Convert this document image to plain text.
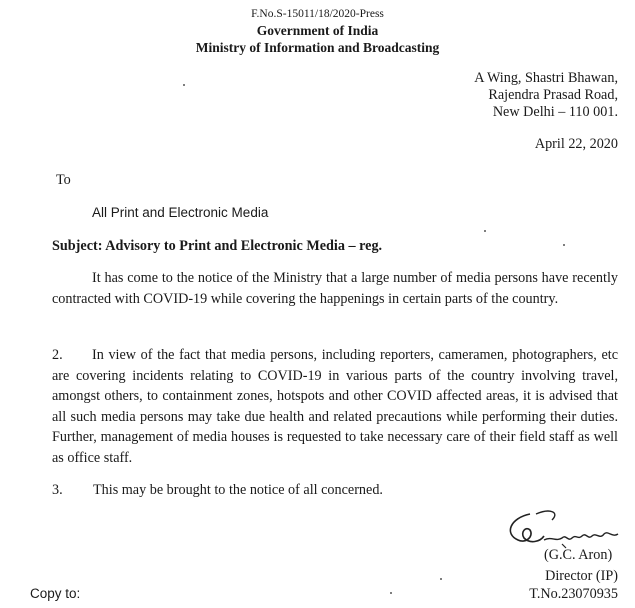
F.No.S-15011/18/2020-Press
Government of India
Ministry of Information and Broadcasting
A Wing, Shastri Bhawan,
Rajendra Prasad Road,
New Delhi – 110 001.
April 22, 2020
To
All Print and Electronic Media
Subject: Advisory to Print and Electronic Media – reg.
It has come to the notice of the Ministry that a large number of media persons have recently contracted with COVID-19 while covering the happenings in certain parts of the country.
2. In view of the fact that media persons, including reporters, cameramen, photographers, etc are covering incidents relating to COVID-19 in various parts of the country involving travel, amongst others, to containment zones, hotspots and other COVID affected areas, it is advised that all such media persons may take due health and related precautions while performing their duties. Further, management of media houses is requested to take necessary care of their field staff as well as office staff.
3. This may be brought to the notice of all concerned.
(G.C. Aron)
Director (IP)
T.No.23070935
Copy to:
